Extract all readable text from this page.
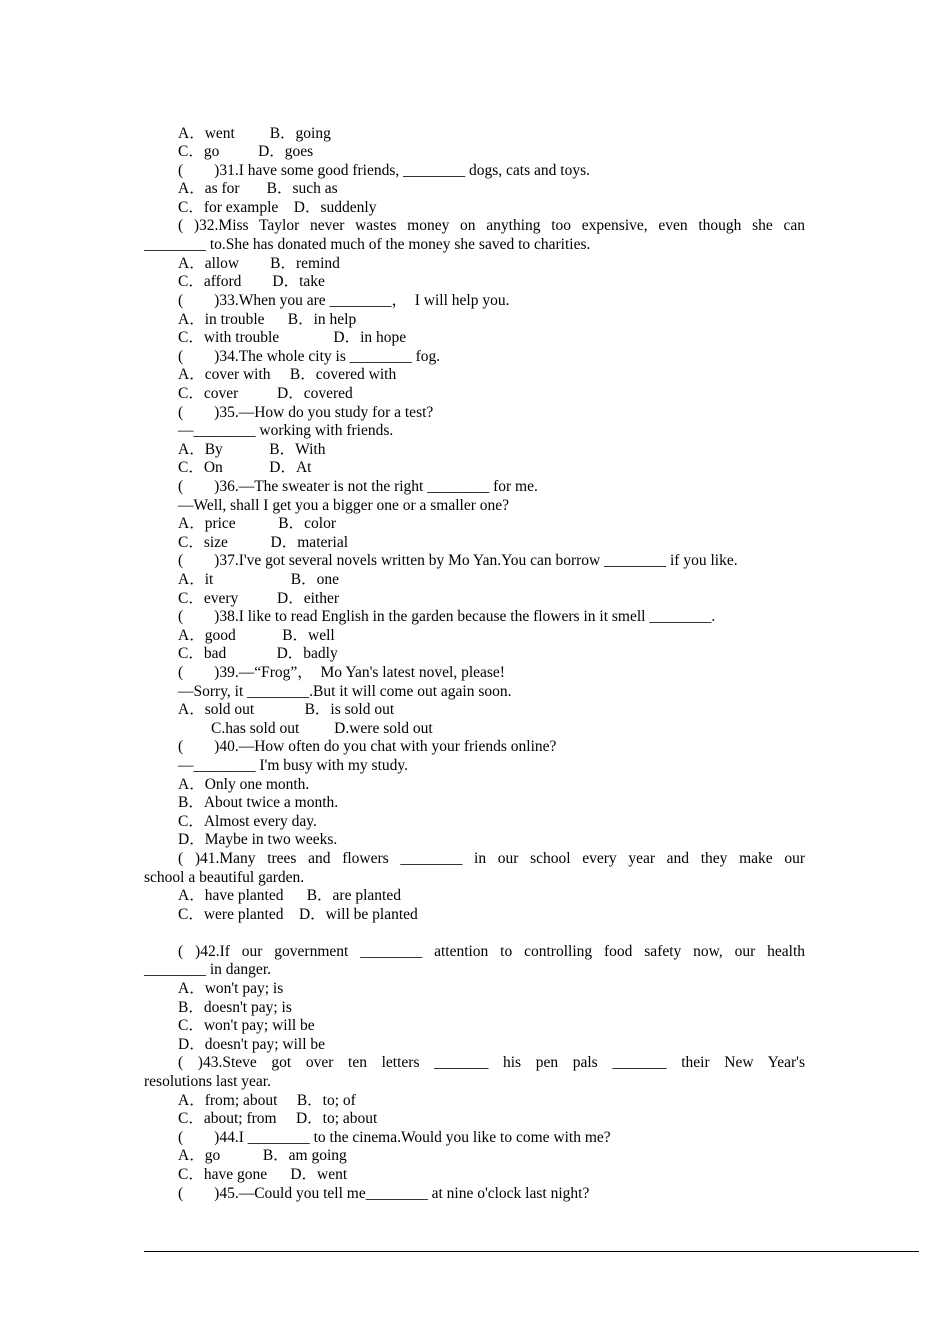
A．went         B．going
C．go          D．goes
(        )31.I have some good friends, ________ dogs, cats and toys.
A．as for       B．such as
C．for example    D．suddenly
( )32.Miss Taylor never wastes money on anything too expensive, even though she can
________ to.She has donated much of the money she saved to charities.
A．allow        B．remind
C．afford        D．take
(        )33.When you are ________，  I will help you.
A．in trouble      B．in help
C．with trouble              D．in hope
(        )34.The whole city is ________ fog.
A．cover with     B．covered with
C．cover          D．covered
(        )35.—How do you study for a test?
—________ working with friends.
A．By            B．With
C．On            D．At
(        )36.—The sweater is not the right ________ for me.
—Well, shall I get you a bigger one or a smaller one?
A．price           B．color
C．size           D．material
(        )37.I've got several novels written by Mo Yan.You can borrow ________ if you like.
A．it                    B．one
C．every          D．either
(        )38.I like to read English in the garden because the flowers in it smell ________.
A．good            B．well
C．bad             D．badly
(        )39.—“Frog”，  Mo Yan's latest novel, please!
—Sorry, it ________.But it will come out again soon.
A．sold out             B．is sold out
C.has sold out         D.were sold out
(        )40.—How often do you chat with your friends online?
—________ I'm busy with my study.
A．Only one month.
B．About twice a month.
C．Almost every day.
D．Maybe in two weeks.
( )41.Many trees and flowers ________ in our school every year and they make our
school a beautiful garden.
A．have planted      B．are planted
C．were planted    D．will be planted
( )42.If our government ________ attention to controlling food safety now, our health
________ in danger.
A．won't pay; is
B．doesn't pay; is
C．won't pay; will be
D．doesn't pay; will be
( )43.Steve got over ten letters _______ his pen pals _______ their New Year's
resolutions last year.
A．from; about     B．to; of
C．about; from     D．to; about
(        )44.I ________ to the cinema.Would you like to come with me?
A．go           B．am going
C．have gone      D．went
(        )45.—Could you tell me________ at nine o'clock last night?
